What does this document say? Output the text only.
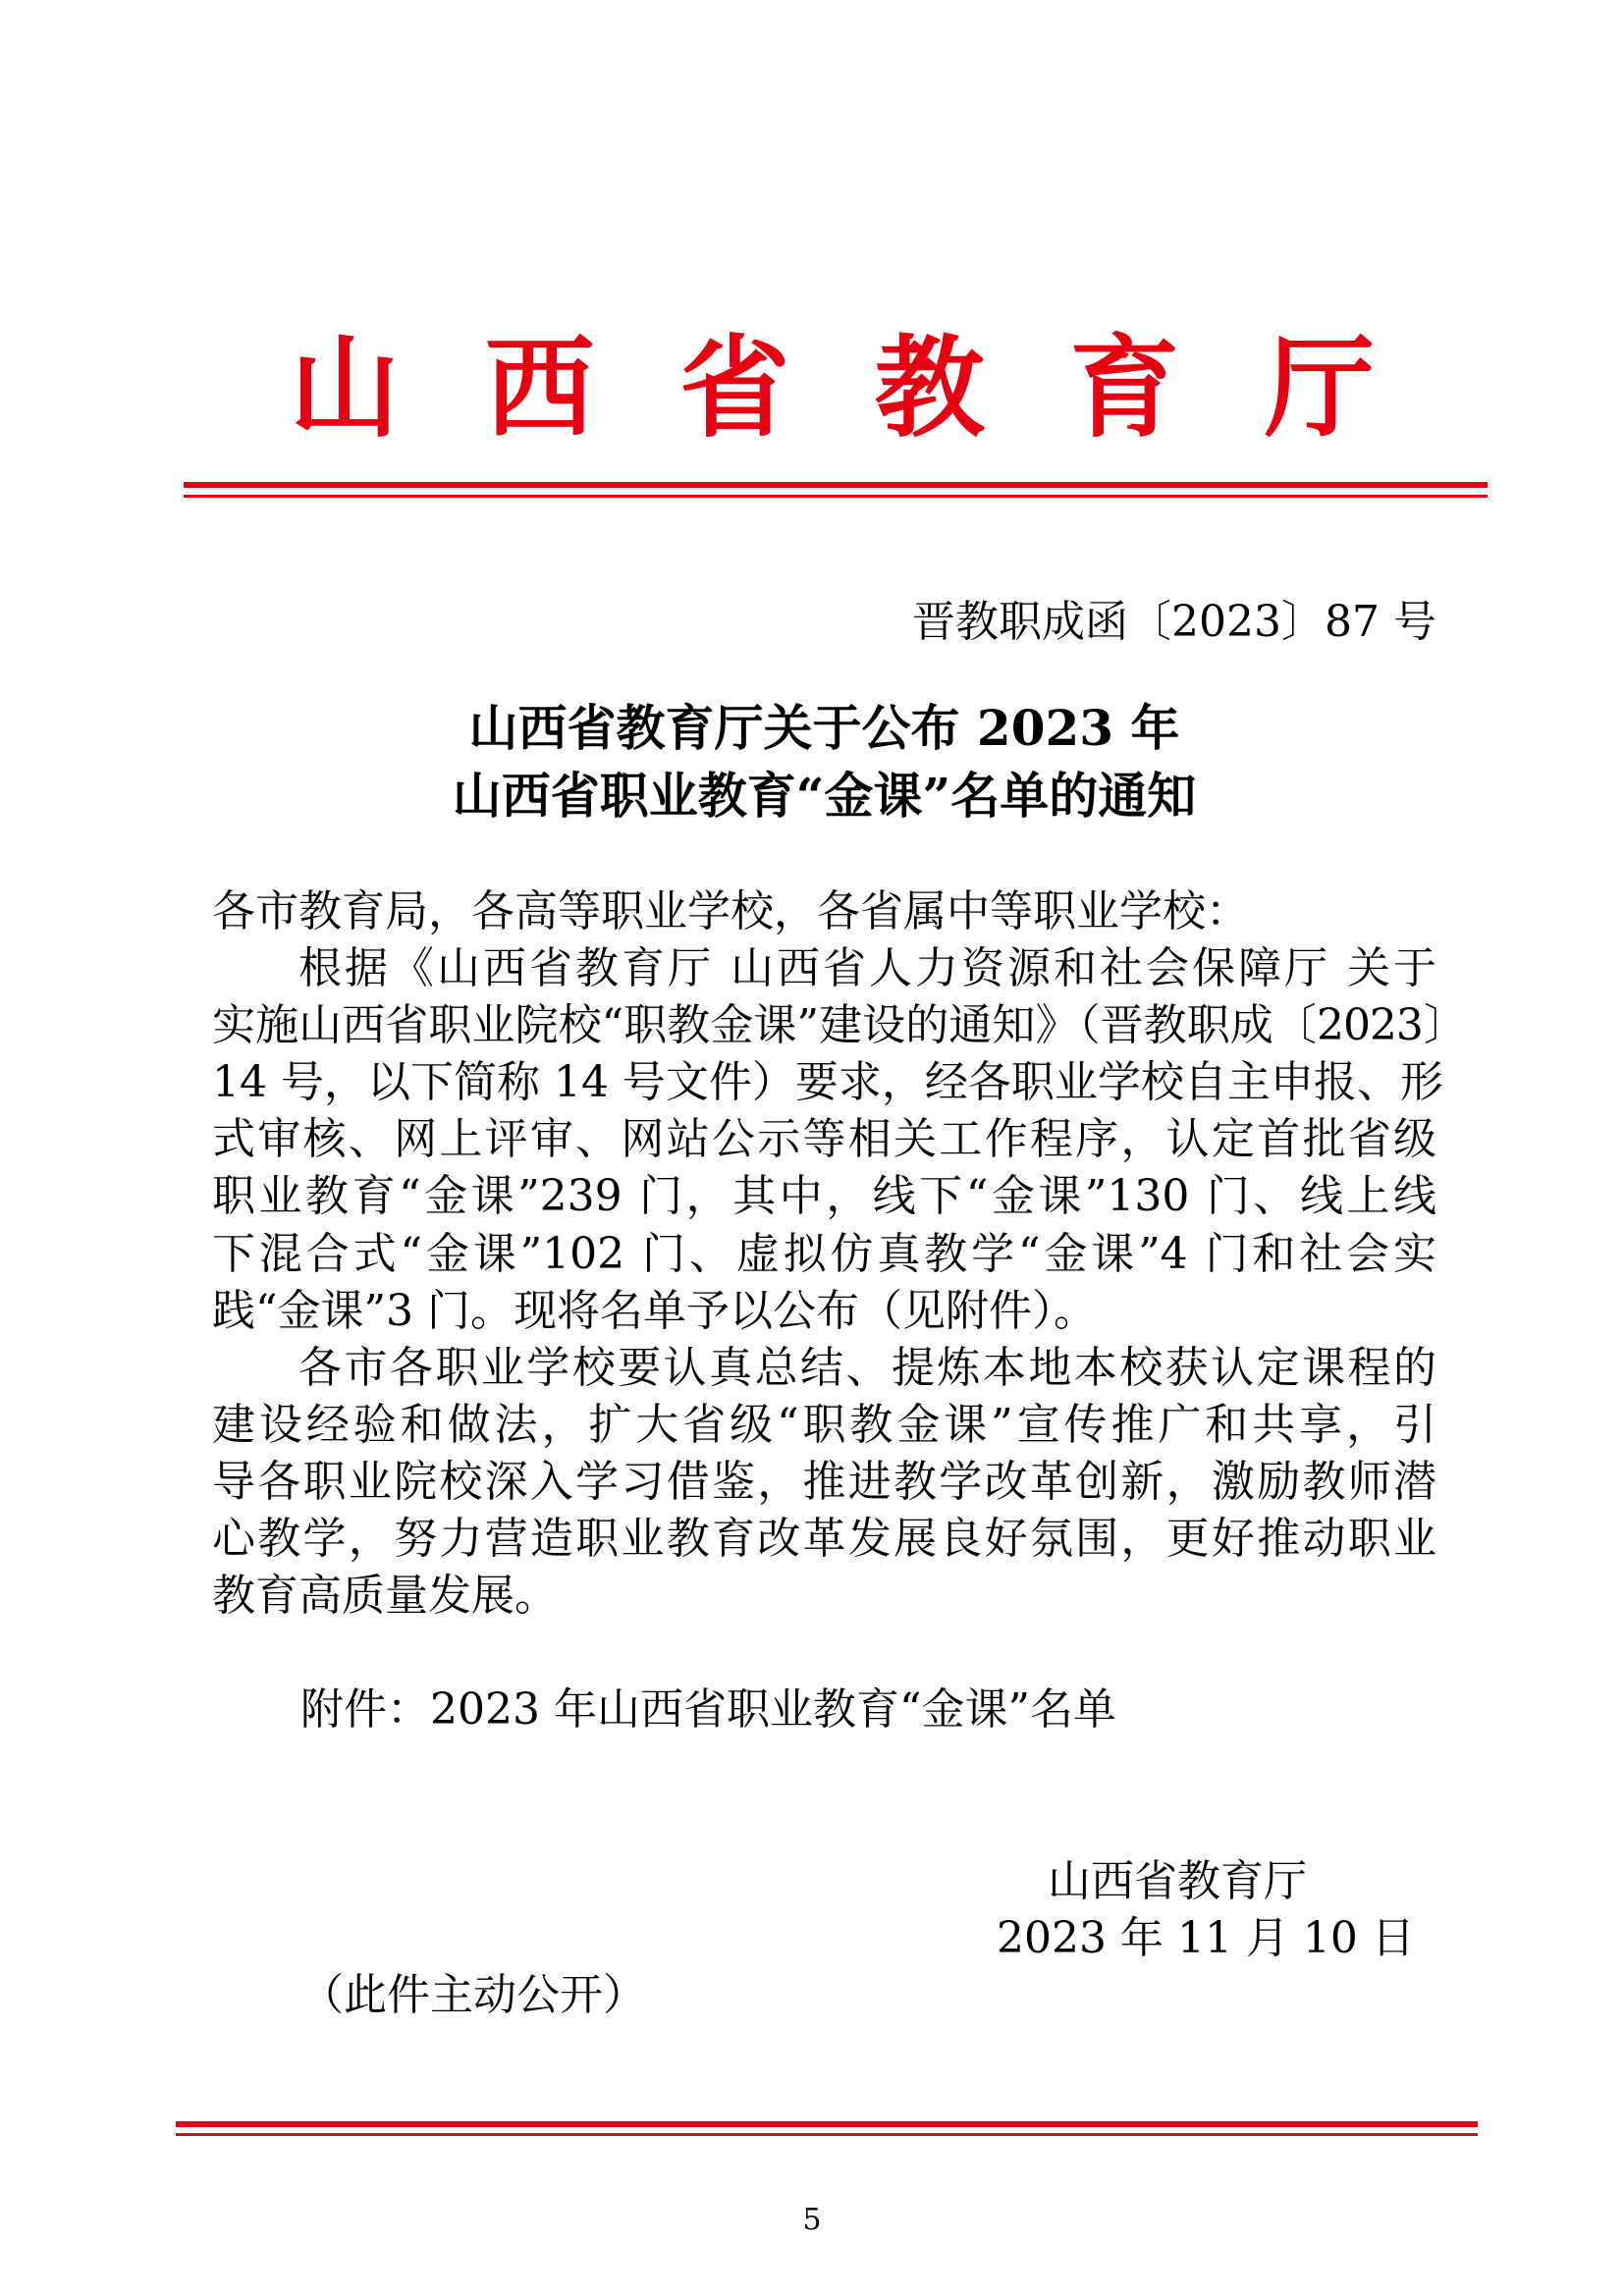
山 西 省 教 育 厅
晋教职成函〔2023〕87 号
山西省教育厅关于公布 2023 年
山西省职业教育“金课”名单的通知
各市教育局，各高等职业学校，各省属中等职业学校：
根据《山西省教育厅 山西省人力资源和社会保障厅 关于
实施山西省职业院校“职教金课”建设的通知》（晋教职成〔2023〕
14 号，以下简称 14 号文件）要求，经各职业学校自主申报、形
式审核、网上评审、网站公示等相关工作程序，认定首批省级
职业教育“金课”239 门，其中，线下“金课”130 门、线上线
下混合式“金课”102 门、虚拟仿真教学“金课”4 门和社会实
践“金课”3 门。现将名单予以公布（见附件）。
各市各职业学校要认真总结、提炼本地本校获认定课程的
建设经验和做法，扩大省级“职教金课”宣传推广和共享，引
导各职业院校深入学习借鉴，推进教学改革创新，激励教师潜
心教学，努力营造职业教育改革发展良好氛围，更好推动职业
教育高质量发展。
附件：2023 年山西省职业教育“金课”名单
山西省教育厅
2023 年 11 月 10 日
（此件主动公开）
5
